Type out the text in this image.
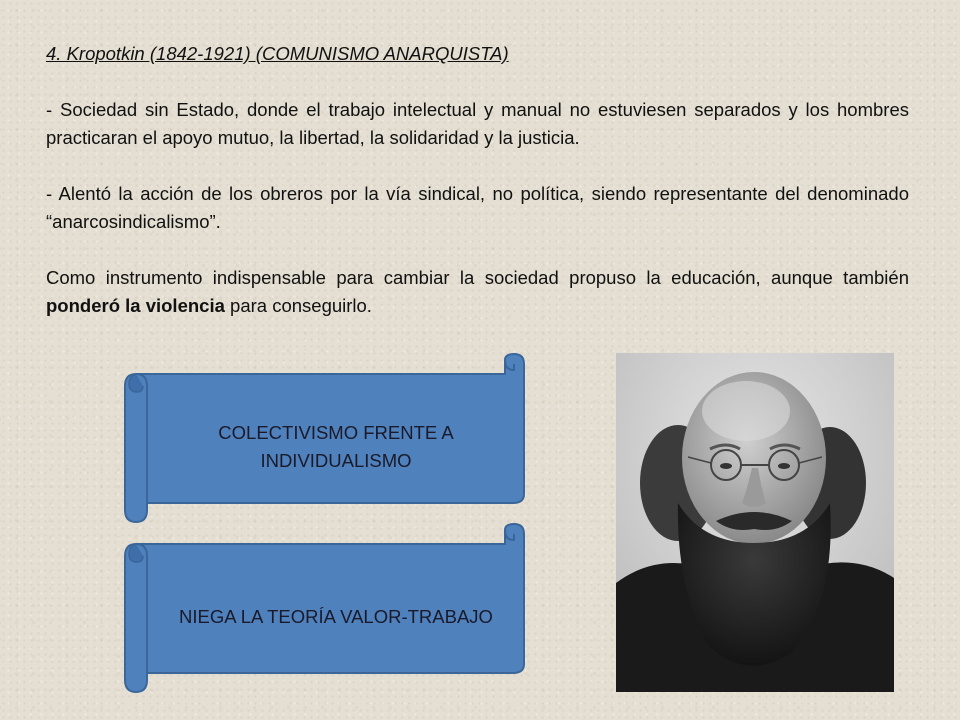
4. Kropotkin (1842-1921) (COMUNISMO ANARQUISTA)

- Sociedad sin Estado, donde el trabajo intelectual y manual no estuviesen separados y los hombres practicaran el apoyo mutuo, la libertad, la solidaridad y la justicia.

- Alentó la acción de los obreros por la vía sindical, no política, siendo representante del denominado “anarcosindicalismo”.

Como instrumento indispensable para cambiar la sociedad propuso la educación, aunque también ponderó la violencia para conseguirlo.

COLECTIVISMO FRENTE A
INDIVIDUALISMO
NIEGA LA TEORÍA VALOR-TRABAJO
